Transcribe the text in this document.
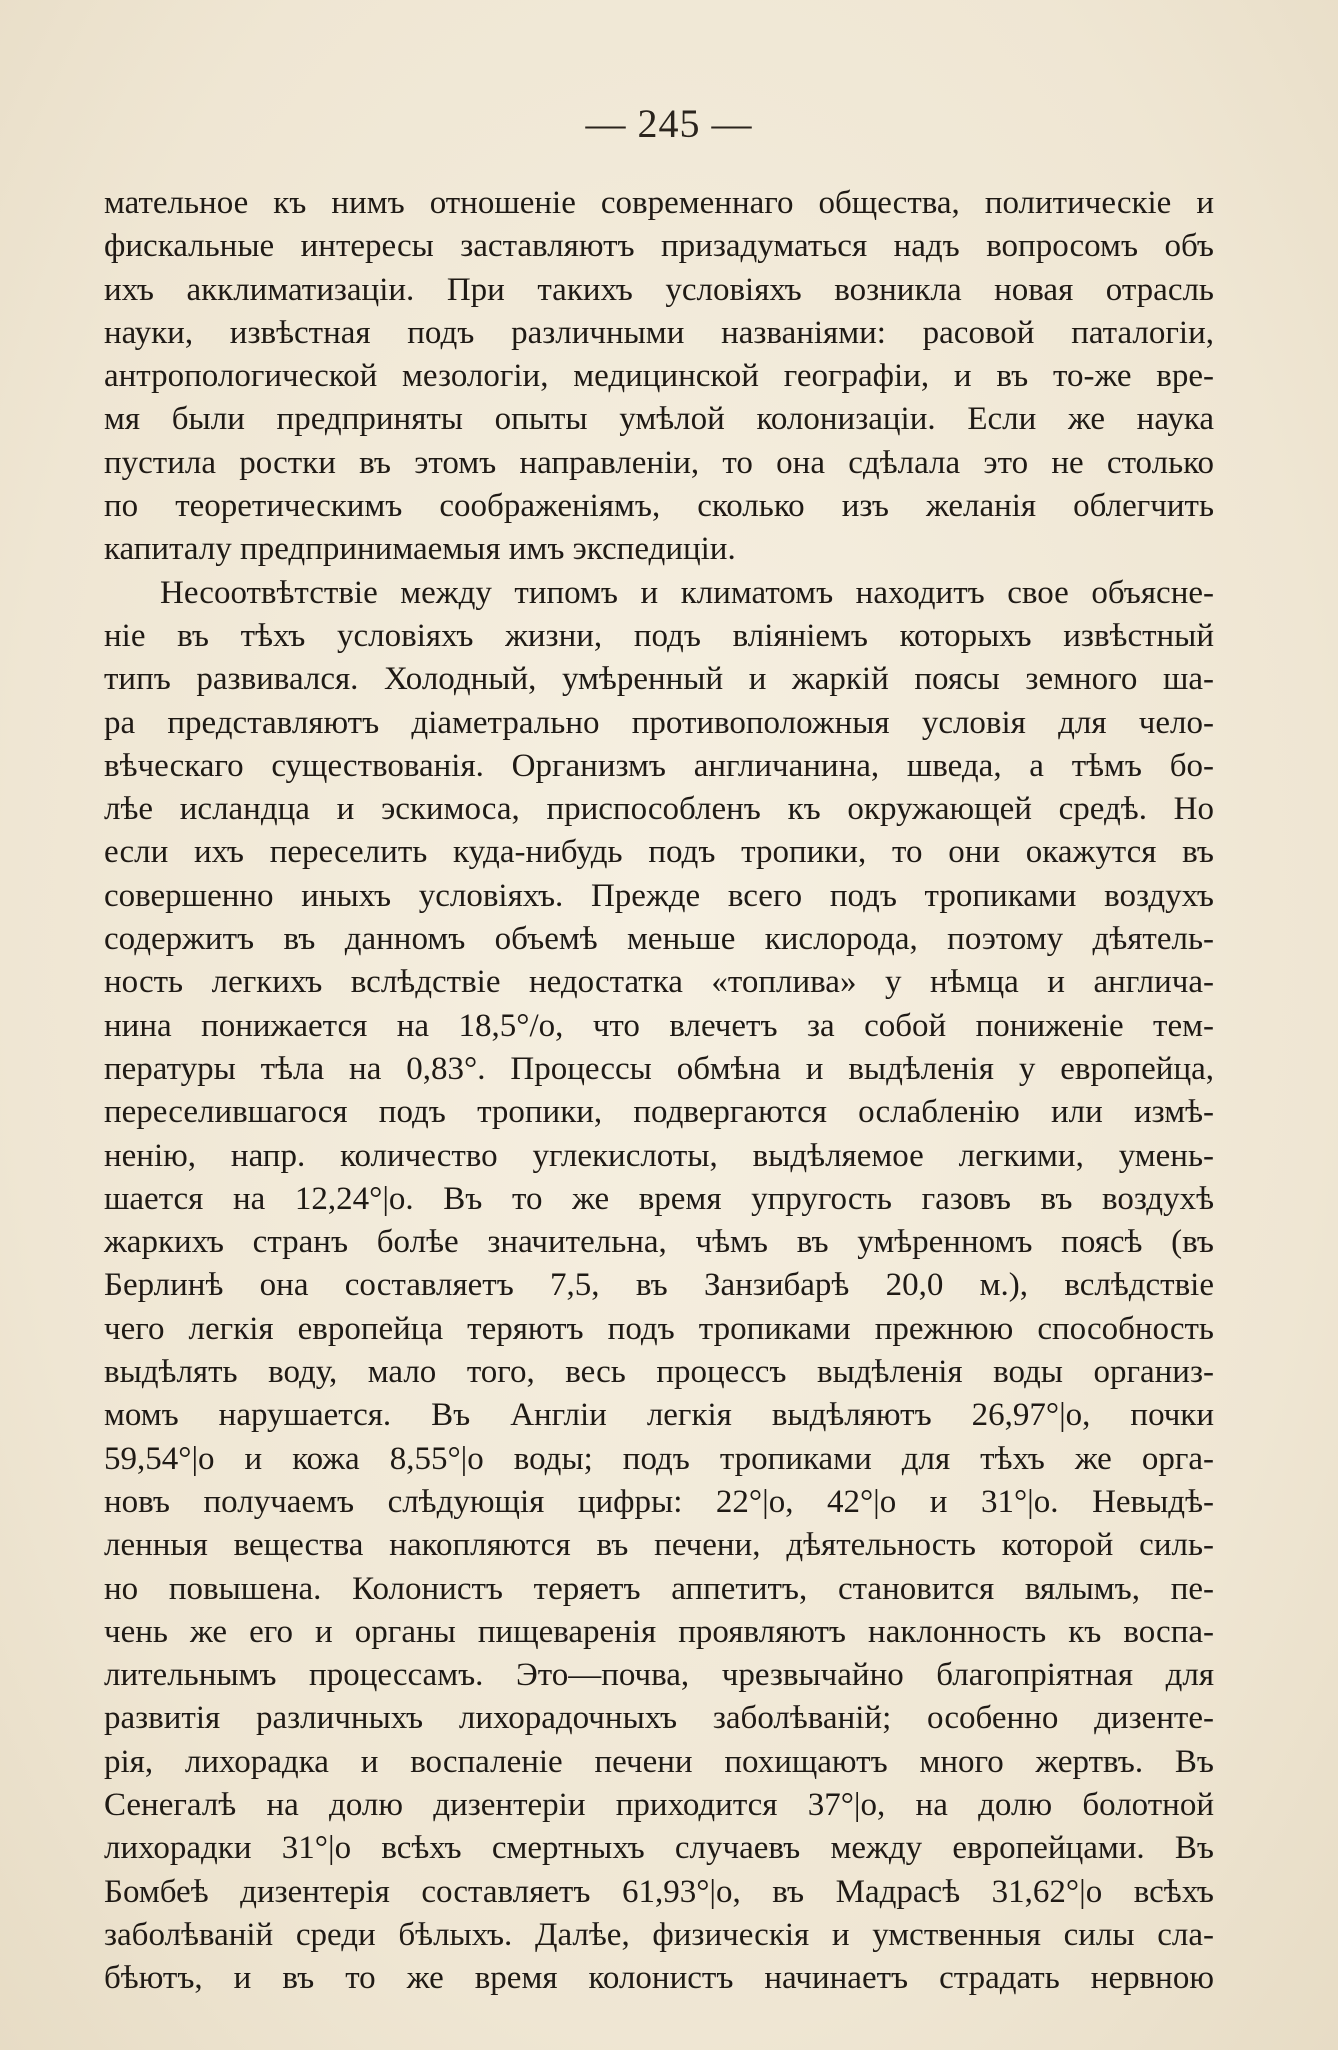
— 245 —
мательное къ нимъ отношеніе современнаго общества, политическіе и
фискальные интересы заставляютъ призадуматься надъ вопросомъ объ
ихъ акклиматизаціи. При такихъ условіяхъ возникла новая отрасль
науки, извѣстная подъ различными названіями: расовой паталогіи,
антропологической мезологіи, медицинской географіи, и въ то-же вре-
мя были предприняты опыты умѣлой колонизаціи. Если же наука
пустила ростки въ этомъ направленіи, то она сдѣлала это не столько
по теоретическимъ соображеніямъ, сколько изъ желанія облегчить
капиталу предпринимаемыя имъ экспедиціи.
Несоотвѣтствіе между типомъ и климатомъ находитъ свое объясне-
ніе въ тѣхъ условіяхъ жизни, подъ вліяніемъ которыхъ извѣстный
типъ развивался. Холодный, умѣренный и жаркій поясы земного ша-
ра представляютъ діаметрально противоположныя условія для чело-
вѣческаго существованія. Организмъ англичанина, шведа, а тѣмъ бо-
лѣе исландца и эскимоса, приспособленъ къ окружающей средѣ. Но
если ихъ переселить куда-нибудь подъ тропики, то они окажутся въ
совершенно иныхъ условіяхъ. Прежде всего подъ тропиками воздухъ
содержитъ въ данномъ объемѣ меньше кислорода, поэтому дѣятель-
ность легкихъ вслѣдствіе недостатка «топлива» у нѣмца и англича-
нина понижается на 18,5°/o, что влечетъ за собой пониженіе тем-
пературы тѣла на 0,83°. Процессы обмѣна и выдѣленія у европейца,
переселившагося подъ тропики, подвергаются ослабленію или измѣ-
ненію, напр. количество углекислоты, выдѣляемое легкими, умень-
шается на 12,24°|o. Въ то же время упругость газовъ въ воздухѣ
жаркихъ странъ болѣе значительна, чѣмъ въ умѣренномъ поясѣ (въ
Берлинѣ она составляетъ 7,5, въ Занзибарѣ 20,0 м.), вслѣдствіе
чего легкія европейца теряютъ подъ тропиками прежнюю способность
выдѣлять воду, мало того, весь процессъ выдѣленія воды организ-
момъ нарушается. Въ Англіи легкія выдѣляютъ 26,97°|o, почки
59,54°|o и кожа 8,55°|o воды; подъ тропиками для тѣхъ же орга-
новъ получаемъ слѣдующія цифры: 22°|o, 42°|o и 31°|o. Невыдѣ-
ленныя вещества накопляются въ печени, дѣятельность которой силь-
но повышена. Колонистъ теряетъ аппетитъ, становится вялымъ, пе-
чень же его и органы пищеваренія проявляютъ наклонность къ воспа-
лительнымъ процессамъ. Это—почва, чрезвычайно благопріятная для
развитія различныхъ лихорадочныхъ заболѣваній; особенно дизенте-
рія, лихорадка и воспаленіе печени похищаютъ много жертвъ. Въ
Сенегалѣ на долю дизентеріи приходится 37°|o, на долю болотной
лихорадки 31°|o всѣхъ смертныхъ случаевъ между европейцами. Въ
Бомбеѣ дизентерія составляетъ 61,93°|o, въ Мадрасѣ 31,62°|o всѣхъ
заболѣваній среди бѣлыхъ. Далѣе, физическія и умственныя силы сла-
бѣютъ, и въ то же время колонистъ начинаетъ страдать нервною
